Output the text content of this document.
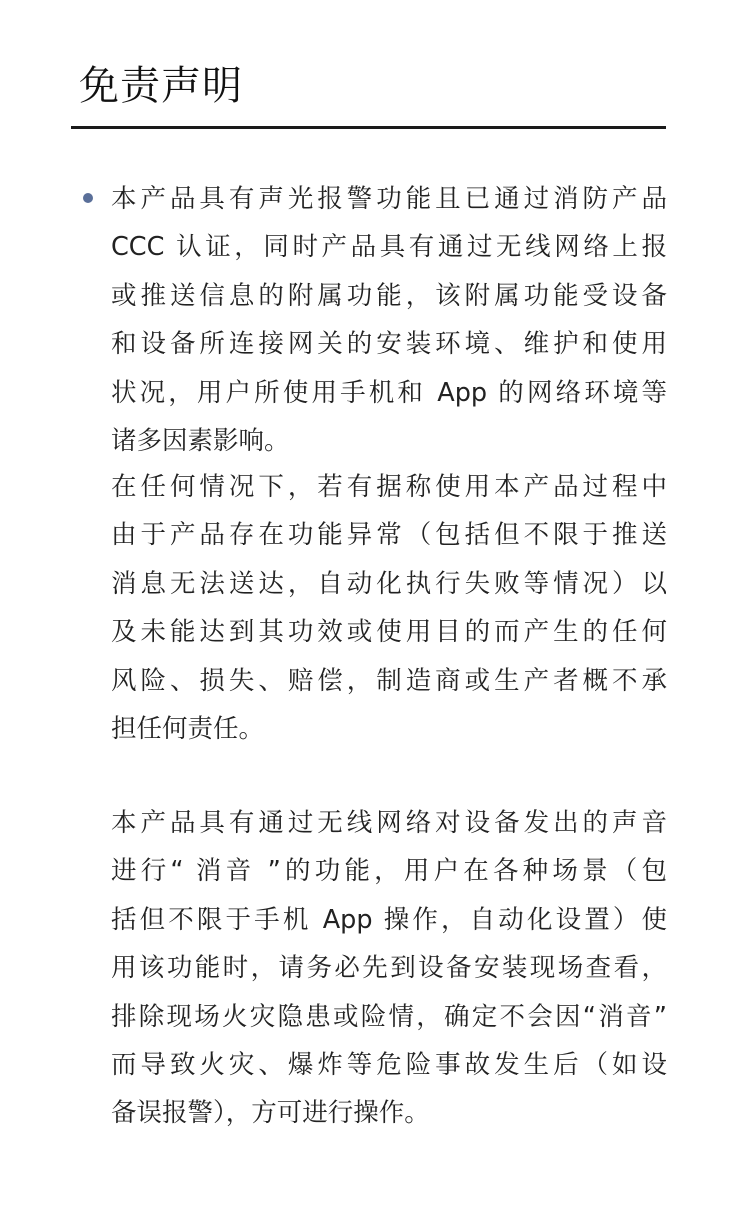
免责声明
本产品具有声光报警功能且已通过消防产品
CCC 认证，同时产品具有通过无线网络上报
或推送信息的附属功能，该附属功能受设备
和设备所连接网关的安装环境、维护和使用
状况，用户所使用手机和 App 的网络环境等
诸多因素影响。
在任何情况下，若有据称使用本产品过程中
由于产品存在功能异常（包括但不限于推送
消息无法送达，自动化执行失败等情况）以
及未能达到其功效或使用目的而产生的任何
风险、损失、赔偿，制造商或生产者概不承
担任何责任。
本产品具有通过无线网络对设备发出的声音
进行“ 消音 ”的功能，用户在各种场景（包
括但不限于手机 App 操作，自动化设置）使
用该功能时，请务必先到设备安装现场查看，
排除现场火灾隐患或险情，确定不会因“消音”
而导致火灾、爆炸等危险事故发生后（如设
备误报警），方可进行操作。
